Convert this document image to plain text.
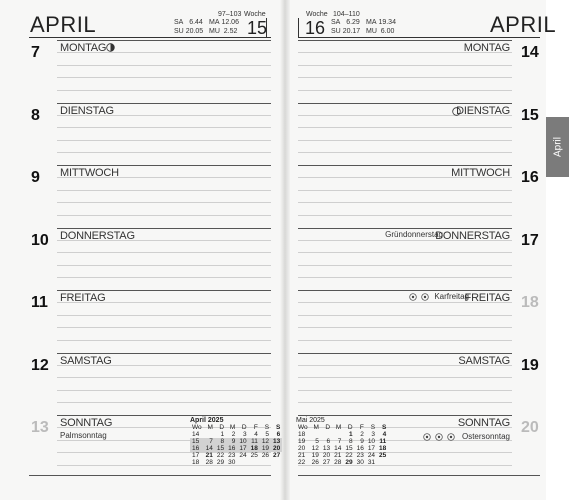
April
APRIL	97–103 Woche
SA 6.44
SU 20.05
MA 12.06
MU 2.52 15	APRIL
Woche 104–110
16 SA 6.29
SU 20.17
MA 19.34
MU 6.00
7 MONTAG
8 DIENSTAG
9 MITTWOCH
10 DONNERSTAG
11 FREITAG
12 SAMSTAG
13 SONNTAG
Palmsonntag
14
MONTAG
15
DIENSTAG
16
MITTWOCH
17
DONNERSTAG
Gründonnerstag
18
FREITAG
Karfreitag
19
SAMSTAG
20
SONNTAG
Ostersonntag
April 2025							
Wo	M	D	M	D	F	S	S
14		1	2	3	4	5	6
15	7	8	9	10	11	12	13
16	14	15	16	17	18	19	20
17	21	22	23	24	25	26	27
18	28	29	30				
Mai 2025							
Wo	M	D	M	D	F	S	S
18				1	2	3	4
19	5	6	7	8	9	10	11
20	12	13	14	15	16	17	18
21	19	20	21	22	23	24	25
22	26	27	28	29	30	31	
